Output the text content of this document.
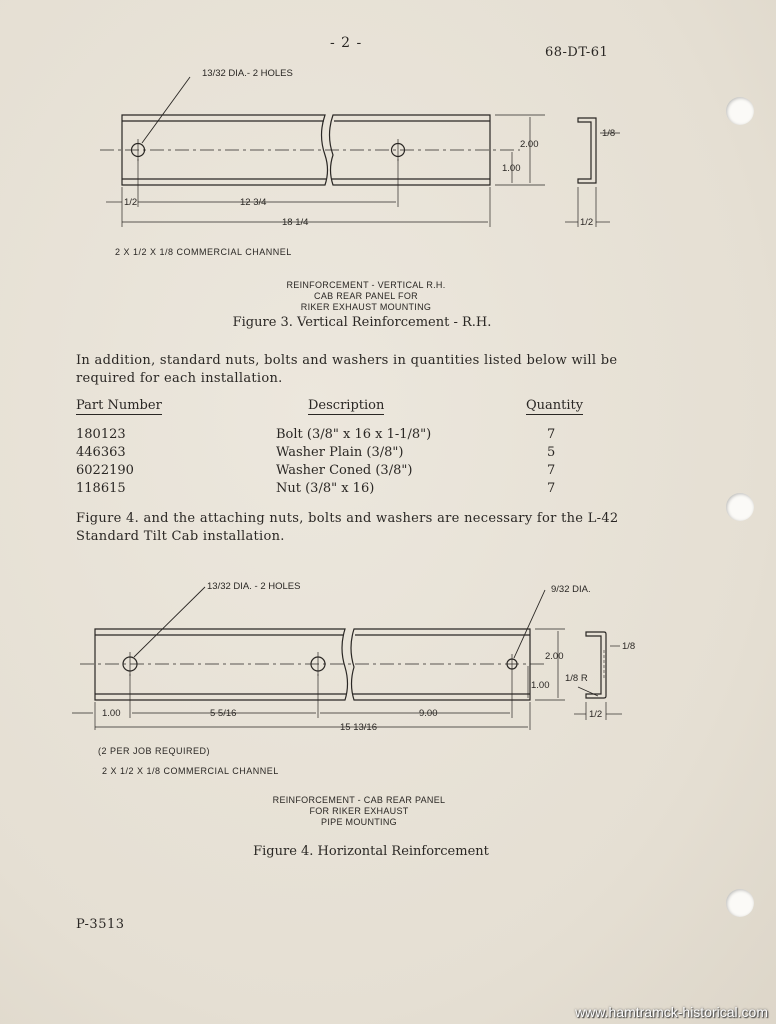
- 2 -
68-DT-61
13/32 DIA.- 2 HOLES
2.00
1.00
1/2	12 3/4
18 1/4
1/8
1/2
2 X 1/2 X 1/8 COMMERCIAL CHANNEL
REINFORCEMENT - VERTICAL R.H.
CAB REAR PANEL FOR
RIKER EXHAUST MOUNTING
Figure 3. Vertical Reinforcement - R.H.
In addition, standard nuts, bolts and washers in quantities listed below will be required for each installation.
Part Number	Description	Quantity
180123	Bolt (3/8" x 16 x 1-1/8")	7
446363	Washer Plain (3/8")	5
6022190	Washer Coned (3/8")	7
118615	Nut (3/8" x 16)	7
Figure 4. and the attaching nuts, bolts and washers are necessary for the L-42 Standard Tilt Cab installation.
13/32 DIA. - 2 HOLES	9/32 DIA.
2.00
1.00
1.00	5 5/16	9.00
15 13/16
1/8
1/8 R
1/2
(2 PER JOB REQUIRED)
2 X 1/2 X 1/8 COMMERCIAL CHANNEL
REINFORCEMENT - CAB REAR PANEL
FOR RIKER EXHAUST
PIPE MOUNTING
Figure 4. Horizontal Reinforcement
P-3513
www.hamtramck-historical.com
